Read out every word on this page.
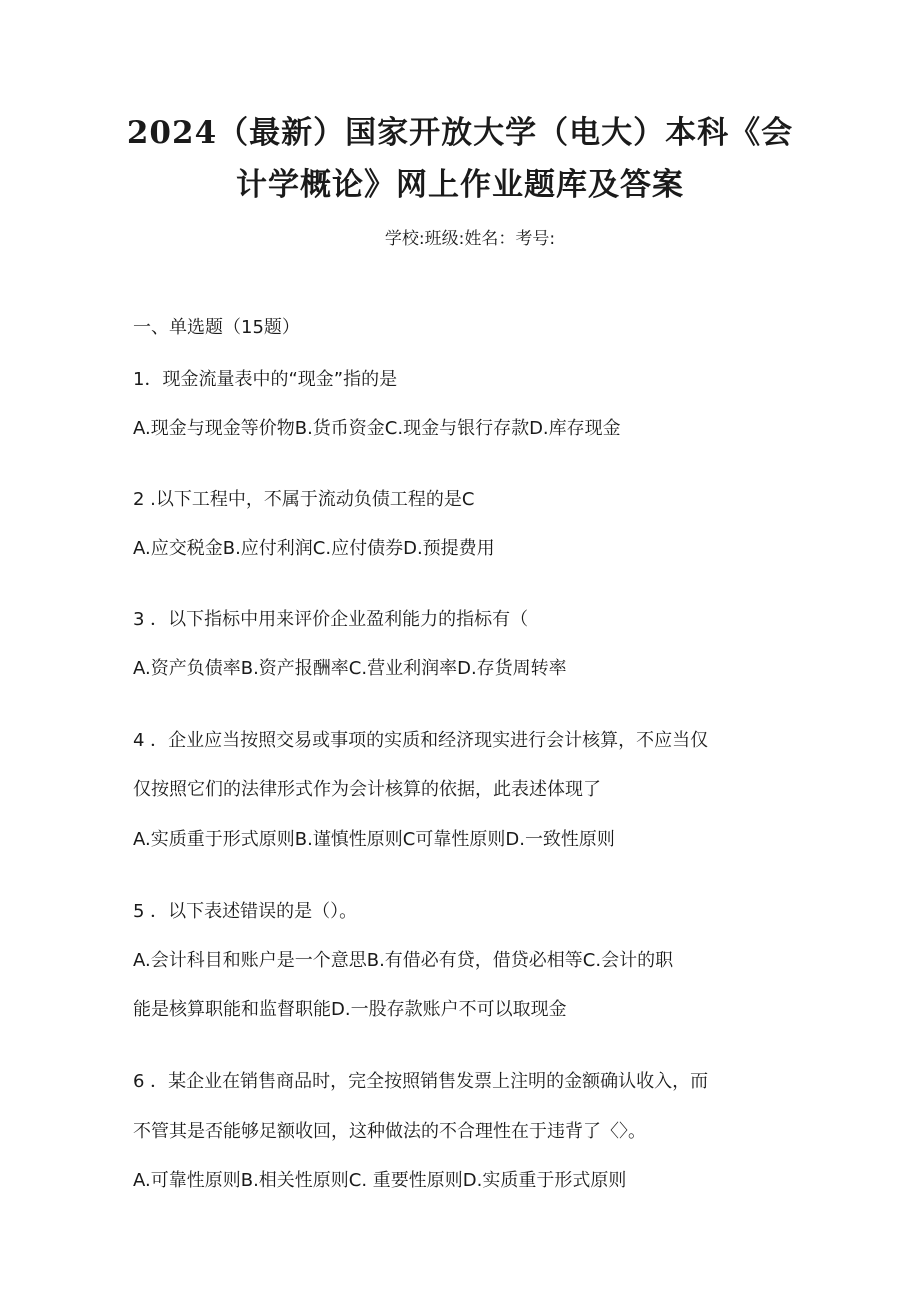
2024（最新）国家开放大学（电大）本科《会
计学概论》网上作业题库及答案
学校:班级:姓名：考号:
一、单选题（15题）
1．现金流量表中的“现金”指的是
A.现金与现金等价物B.货币资金C.现金与银行存款D.库存现金
2 .以下工程中，不属于流动负债工程的是C
A.应交税金B.应付利润C.应付债券D.预提费用
3 ．以下指标中用来评价企业盈利能力的指标有（
A.资产负债率B.资产报酬率C.营业利润率D.存货周转率
4 ．企业应当按照交易或事项的实质和经济现实进行会计核算，不应当仅
仅按照它们的法律形式作为会计核算的依据，此表述体现了
A.实质重于形式原则B.谨慎性原则C可靠性原则D.一致性原则
5 ．以下表述错误的是（）。
A.会计科目和账户是一个意思B.有借必有贷，借贷必相等C.会计的职
能是核算职能和监督职能D.一股存款账户不可以取现金
6 ．某企业在销售商品时，完全按照销售发票上注明的金额确认收入，而
不管其是否能够足额收回，这种做法的不合理性在于违背了〈〉。
A.可靠性原则B.相关性原则C. 重要性原则D.实质重于形式原则
